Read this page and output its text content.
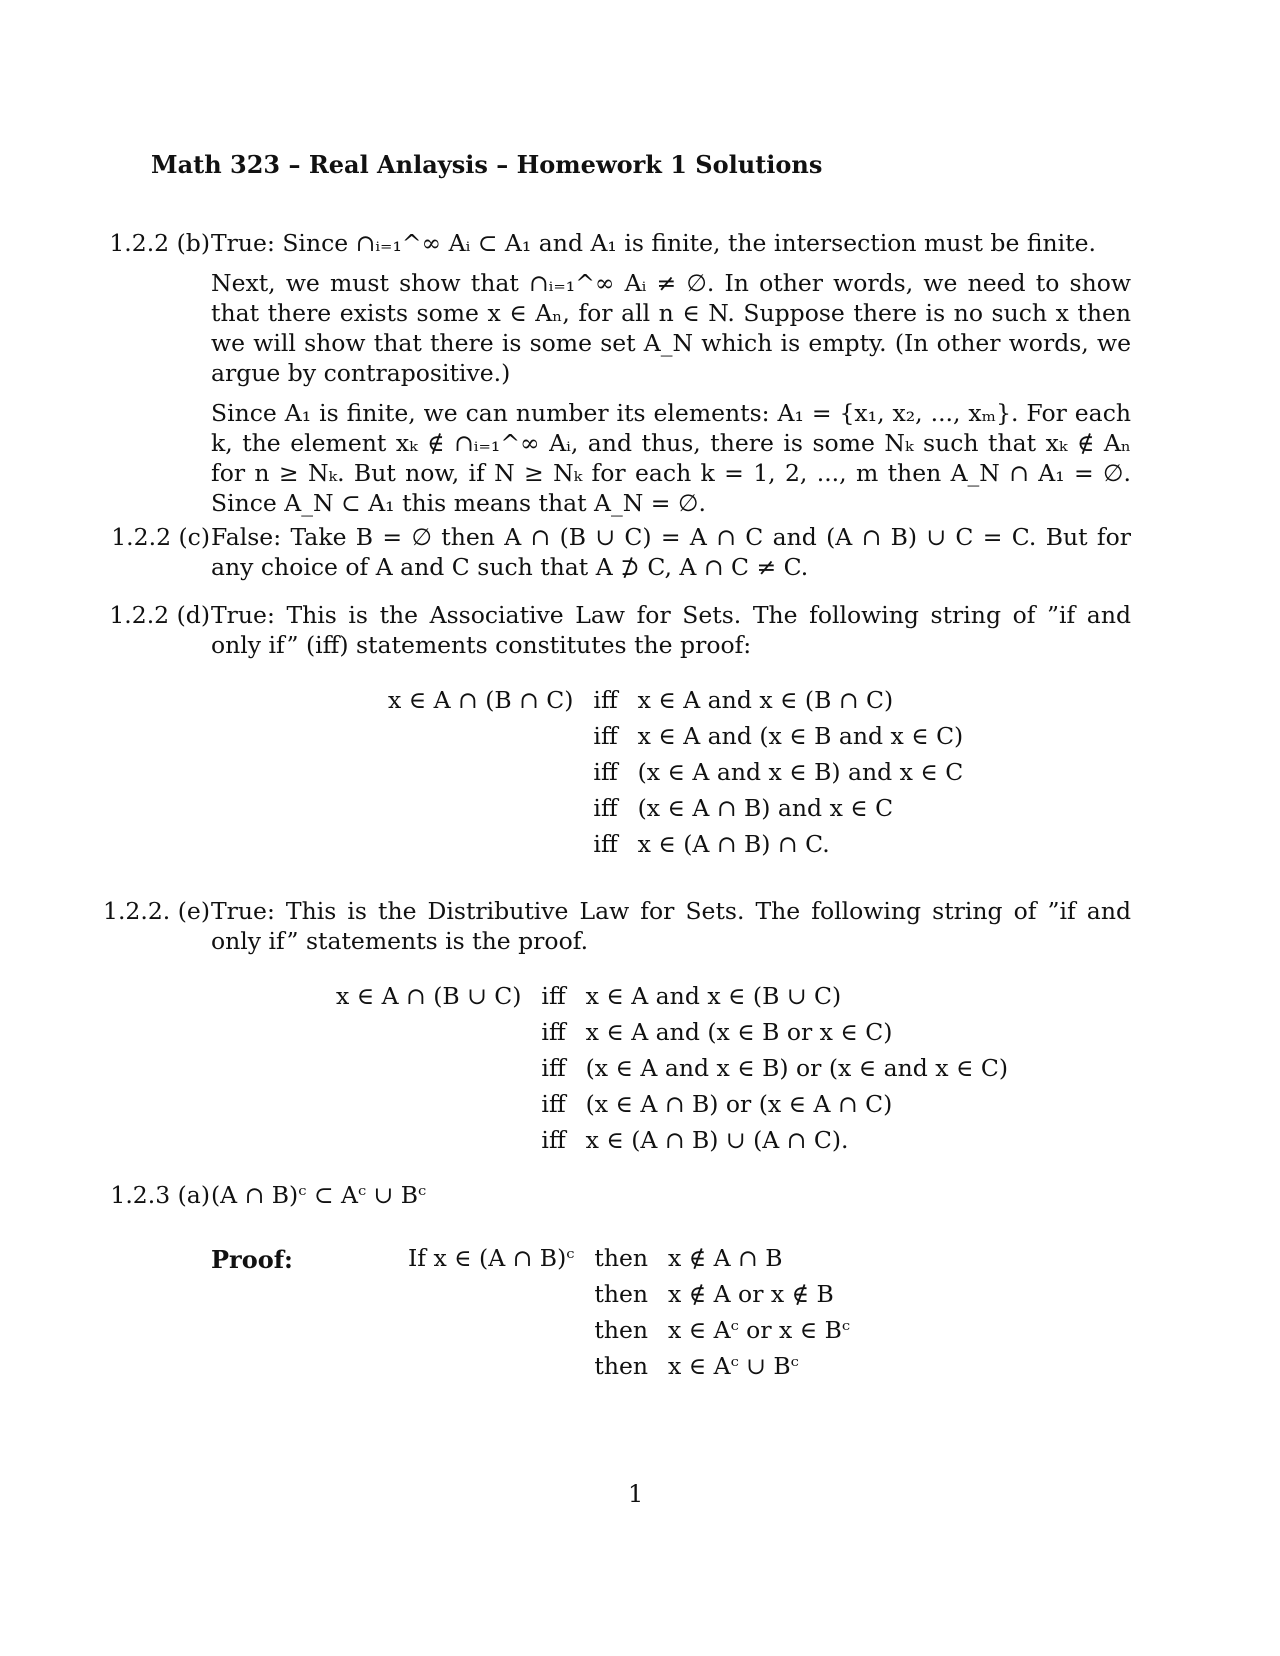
Math 323 – Real Anlaysis – Homework 1 Solutions
1.2.2 (b) True: Since ∩ᵢ₌₁^∞ Aᵢ ⊂ A₁ and A₁ is finite, the intersection must be finite.

Next, we must show that ∩ᵢ₌₁^∞ Aᵢ ≠ ∅. In other words, we need to show that there exists some x ∈ Aₙ, for all n ∈ N. Suppose there is no such x then we will show that there is some set A_N which is empty. (In other words, we argue by contrapositive.)

Since A₁ is finite, we can number its elements: A₁ = {x₁, x₂, ..., xₘ}. For each k, the element xₖ ∉ ∩ᵢ₌₁^∞ Aᵢ, and thus, there is some Nₖ such that xₖ ∉ Aₙ for n ≥ Nₖ. But now, if N ≥ Nₖ for each k = 1, 2, ..., m then A_N ∩ A₁ = ∅. Since A_N ⊂ A₁ this means that A_N = ∅.

1.2.2 (c) False: Take B = ∅ then A ∩ (B ∪ C) = A ∩ C and (A ∩ B) ∪ C = C. But for any choice of A and C such that A ⊅ C, A ∩ C ≠ C.

1.2.2 (d) True: This is the Associative Law for Sets. The following string of ”if and only if” (iff) statements constitutes the proof:

x ∈ A ∩ (B ∩ C)	iff	x ∈ A and x ∈ (B ∩ C)
	iff	x ∈ A and (x ∈ B and x ∈ C)
	iff	(x ∈ A and x ∈ B) and x ∈ C
	iff	(x ∈ A ∩ B) and x ∈ C
	iff	x ∈ (A ∩ B) ∩ C.
1.2.2. (e) True: This is the Distributive Law for Sets. The following string of ”if and only if” statements is the proof.

x ∈ A ∩ (B ∪ C)	iff	x ∈ A and x ∈ (B ∪ C)
	iff	x ∈ A and (x ∈ B or x ∈ C)
	iff	(x ∈ A and x ∈ B) or (x ∈ and x ∈ C)
	iff	(x ∈ A ∩ B) or (x ∈ A ∩ C)
	iff	x ∈ (A ∩ B) ∪ (A ∩ C).
1.2.3 (a) (A ∩ B)ᶜ ⊂ Aᶜ ∪ Bᶜ
Proof:	If x ∈ (A ∩ B)ᶜ	then	x ∉ A ∩ B
	then	x ∉ A or x ∉ B
	then	x ∈ Aᶜ or x ∈ Bᶜ
	then	x ∈ Aᶜ ∪ Bᶜ
1
